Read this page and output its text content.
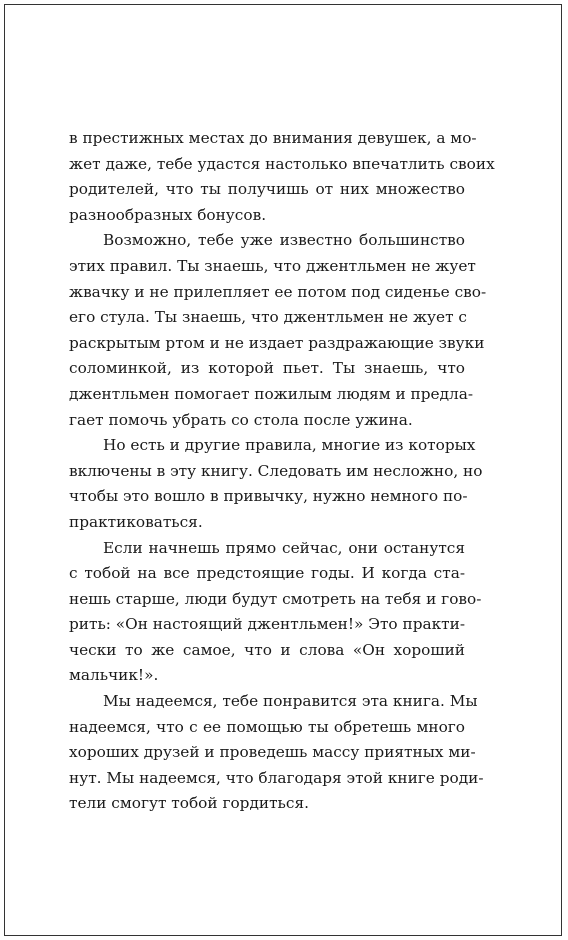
в престижных местах до внимания девушек, а мо-
жет даже, тебе удастся настолько впечатлить своих
родителей, что ты получишь от них множество
разнообразных бонусов.

Возможно, тебе уже известно большинство
этих правил. Ты знаешь, что джентльмен не жует
жвачку и не прилепляет ее потом под сиденье сво-
его стула. Ты знаешь, что джентльмен не жует с
раскрытым ртом и не издает раздражающие звуки
соломинкой, из которой пьет. Ты знаешь, что
джентльмен помогает пожилым людям и предла-
гает помочь убрать со стола после ужина.

Но есть и другие правила, многие из которых
включены в эту книгу. Следовать им несложно, но
чтобы это вошло в привычку, нужно немного по-
практиковаться.

Если начнешь прямо сейчас, они останутся
с тобой на все предстоящие годы. И когда ста-
нешь старше, люди будут смотреть на тебя и гово-
рить: «Он настоящий джентльмен!» Это практи-
чески то же самое, что и слова «Он хороший
мальчик!».

Мы надеемся, тебе понравится эта книга. Мы
надеемся, что с ее помощью ты обретешь много
хороших друзей и проведешь массу приятных ми-
нут. Мы надеемся, что благодаря этой книге роди-
тели смогут тобой гордиться.
